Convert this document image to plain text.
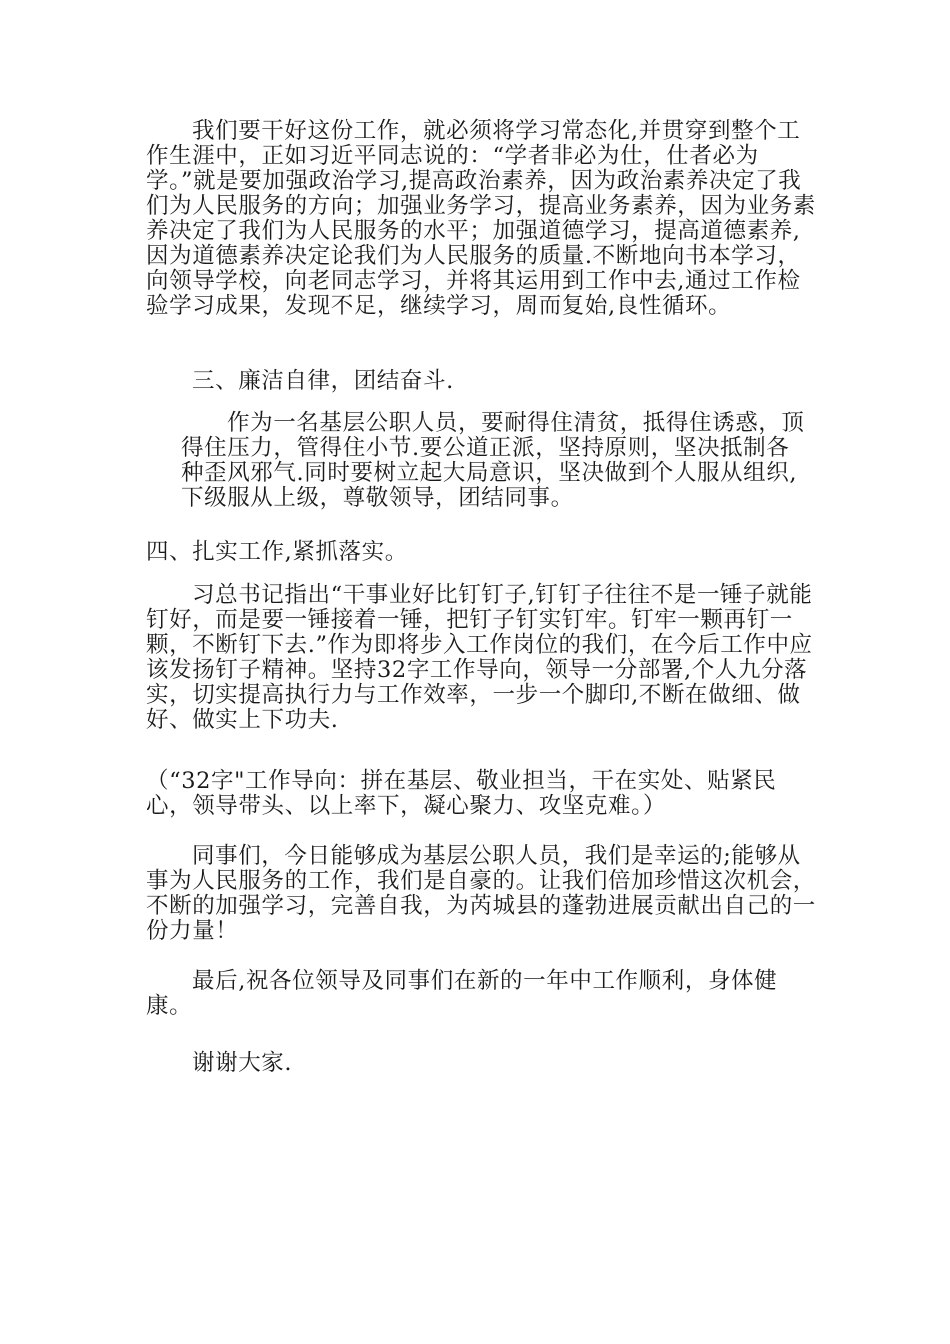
我们要干好这份工作，就必须将学习常态化,并贯穿到整个工作生涯中，正如习近平同志说的：“学者非必为仕，仕者必为学。”就是要加强政治学习,提高政治素养，因为政治素养决定了我们为人民服务的方向；加强业务学习，提高业务素养，因为业务素养决定了我们为人民服务的水平；加强道德学习，提高道德素养,因为道德素养决定论我们为人民服务的质量.不断地向书本学习，向领导学校，向老同志学习，并将其运用到工作中去,通过工作检验学习成果，发现不足，继续学习，周而复始,良性循环。

三、廉洁自律，团结奋斗.

作为一名基层公职人员，要耐得住清贫，抵得住诱惑，顶得住压力，管得住小节.要公道正派，坚持原则，坚决抵制各种歪风邪气.同时要树立起大局意识，坚决做到个人服从组织,下级服从上级，尊敬领导，团结同事。

四、扎实工作,紧抓落实。

习总书记指出“干事业好比钉钉子,钉钉子往往不是一锤子就能钉好，而是要一锤接着一锤，把钉子钉实钉牢。钉牢一颗再钉一颗，不断钉下去.”作为即将步入工作岗位的我们，在今后工作中应该发扬钉子精神。坚持32字工作导向，领导一分部署,个人九分落实，切实提高执行力与工作效率，一步一个脚印,不断在做细、做好、做实上下功夫.

（“32字"工作导向：拼在基层、敬业担当，干在实处、贴紧民心，领导带头、以上率下，凝心聚力、攻坚克难。）

同事们，今日能够成为基层公职人员，我们是幸运的;能够从事为人民服务的工作，我们是自豪的。让我们倍加珍惜这次机会，不断的加强学习，完善自我，为芮城县的蓬勃进展贡献出自己的一份力量！

最后,祝各位领导及同事们在新的一年中工作顺利，身体健康。

谢谢大家.
